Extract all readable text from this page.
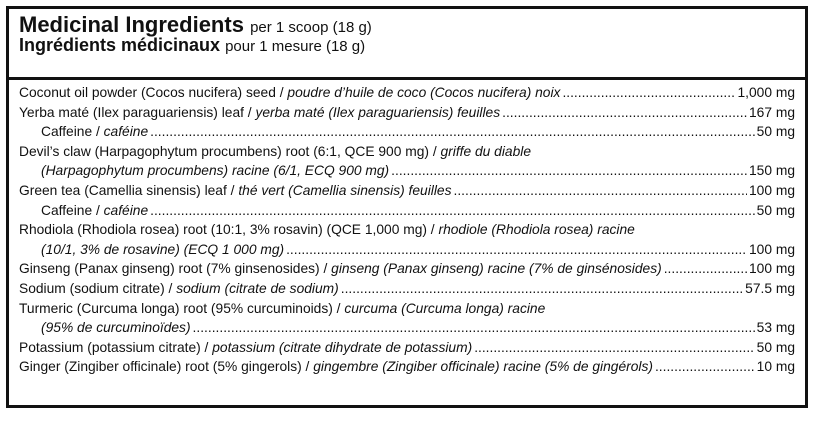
Medicinal Ingredients per 1 scoop (18 g)
Ingrédients médicinaux pour 1 mesure (18 g)
Coconut oil powder (Cocos nucifera) seed / poudre d’huile de coco (Cocos nucifera) noix .....	1,000 mg
Yerba maté (Ilex paraguariensis) leaf / yerba maté (Ilex paraguariensis) feuilles .....	167 mg
Caffeine / caféine .....	50 mg
Devil’s claw (Harpagophytum procumbens) root (6:1, QCE 900 mg) / griffe du diable
(Harpagophytum procumbens) racine (6/1, ECQ 900 mg) .....	150 mg
Green tea (Camellia sinensis) leaf / thé vert (Camellia sinensis) feuilles .....	100 mg
Caffeine / caféine .....	50 mg
Rhodiola (Rhodiola rosea) root (10:1, 3% rosavin) (QCE 1,000 mg) / rhodiole (Rhodiola rosea) racine
(10/1, 3% de rosavine) (ECQ 1 000 mg) .....	100 mg
Ginseng (Panax ginseng) root (7% ginsenosides) / ginseng (Panax ginseng) racine (7% de ginsénosides) .....	100 mg
Sodium (sodium citrate) / sodium (citrate de sodium) .....	57.5 mg
Turmeric (Curcuma longa) root (95% curcuminoids) / curcuma (Curcuma longa) racine
(95% de curcuminoïdes) .....	53 mg
Potassium (potassium citrate) / potassium (citrate dihydrate de potassium) .....	50 mg
Ginger (Zingiber officinale) root (5% gingerols) / gingembre (Zingiber officinale) racine (5% de gingérols) .....	10 mg
